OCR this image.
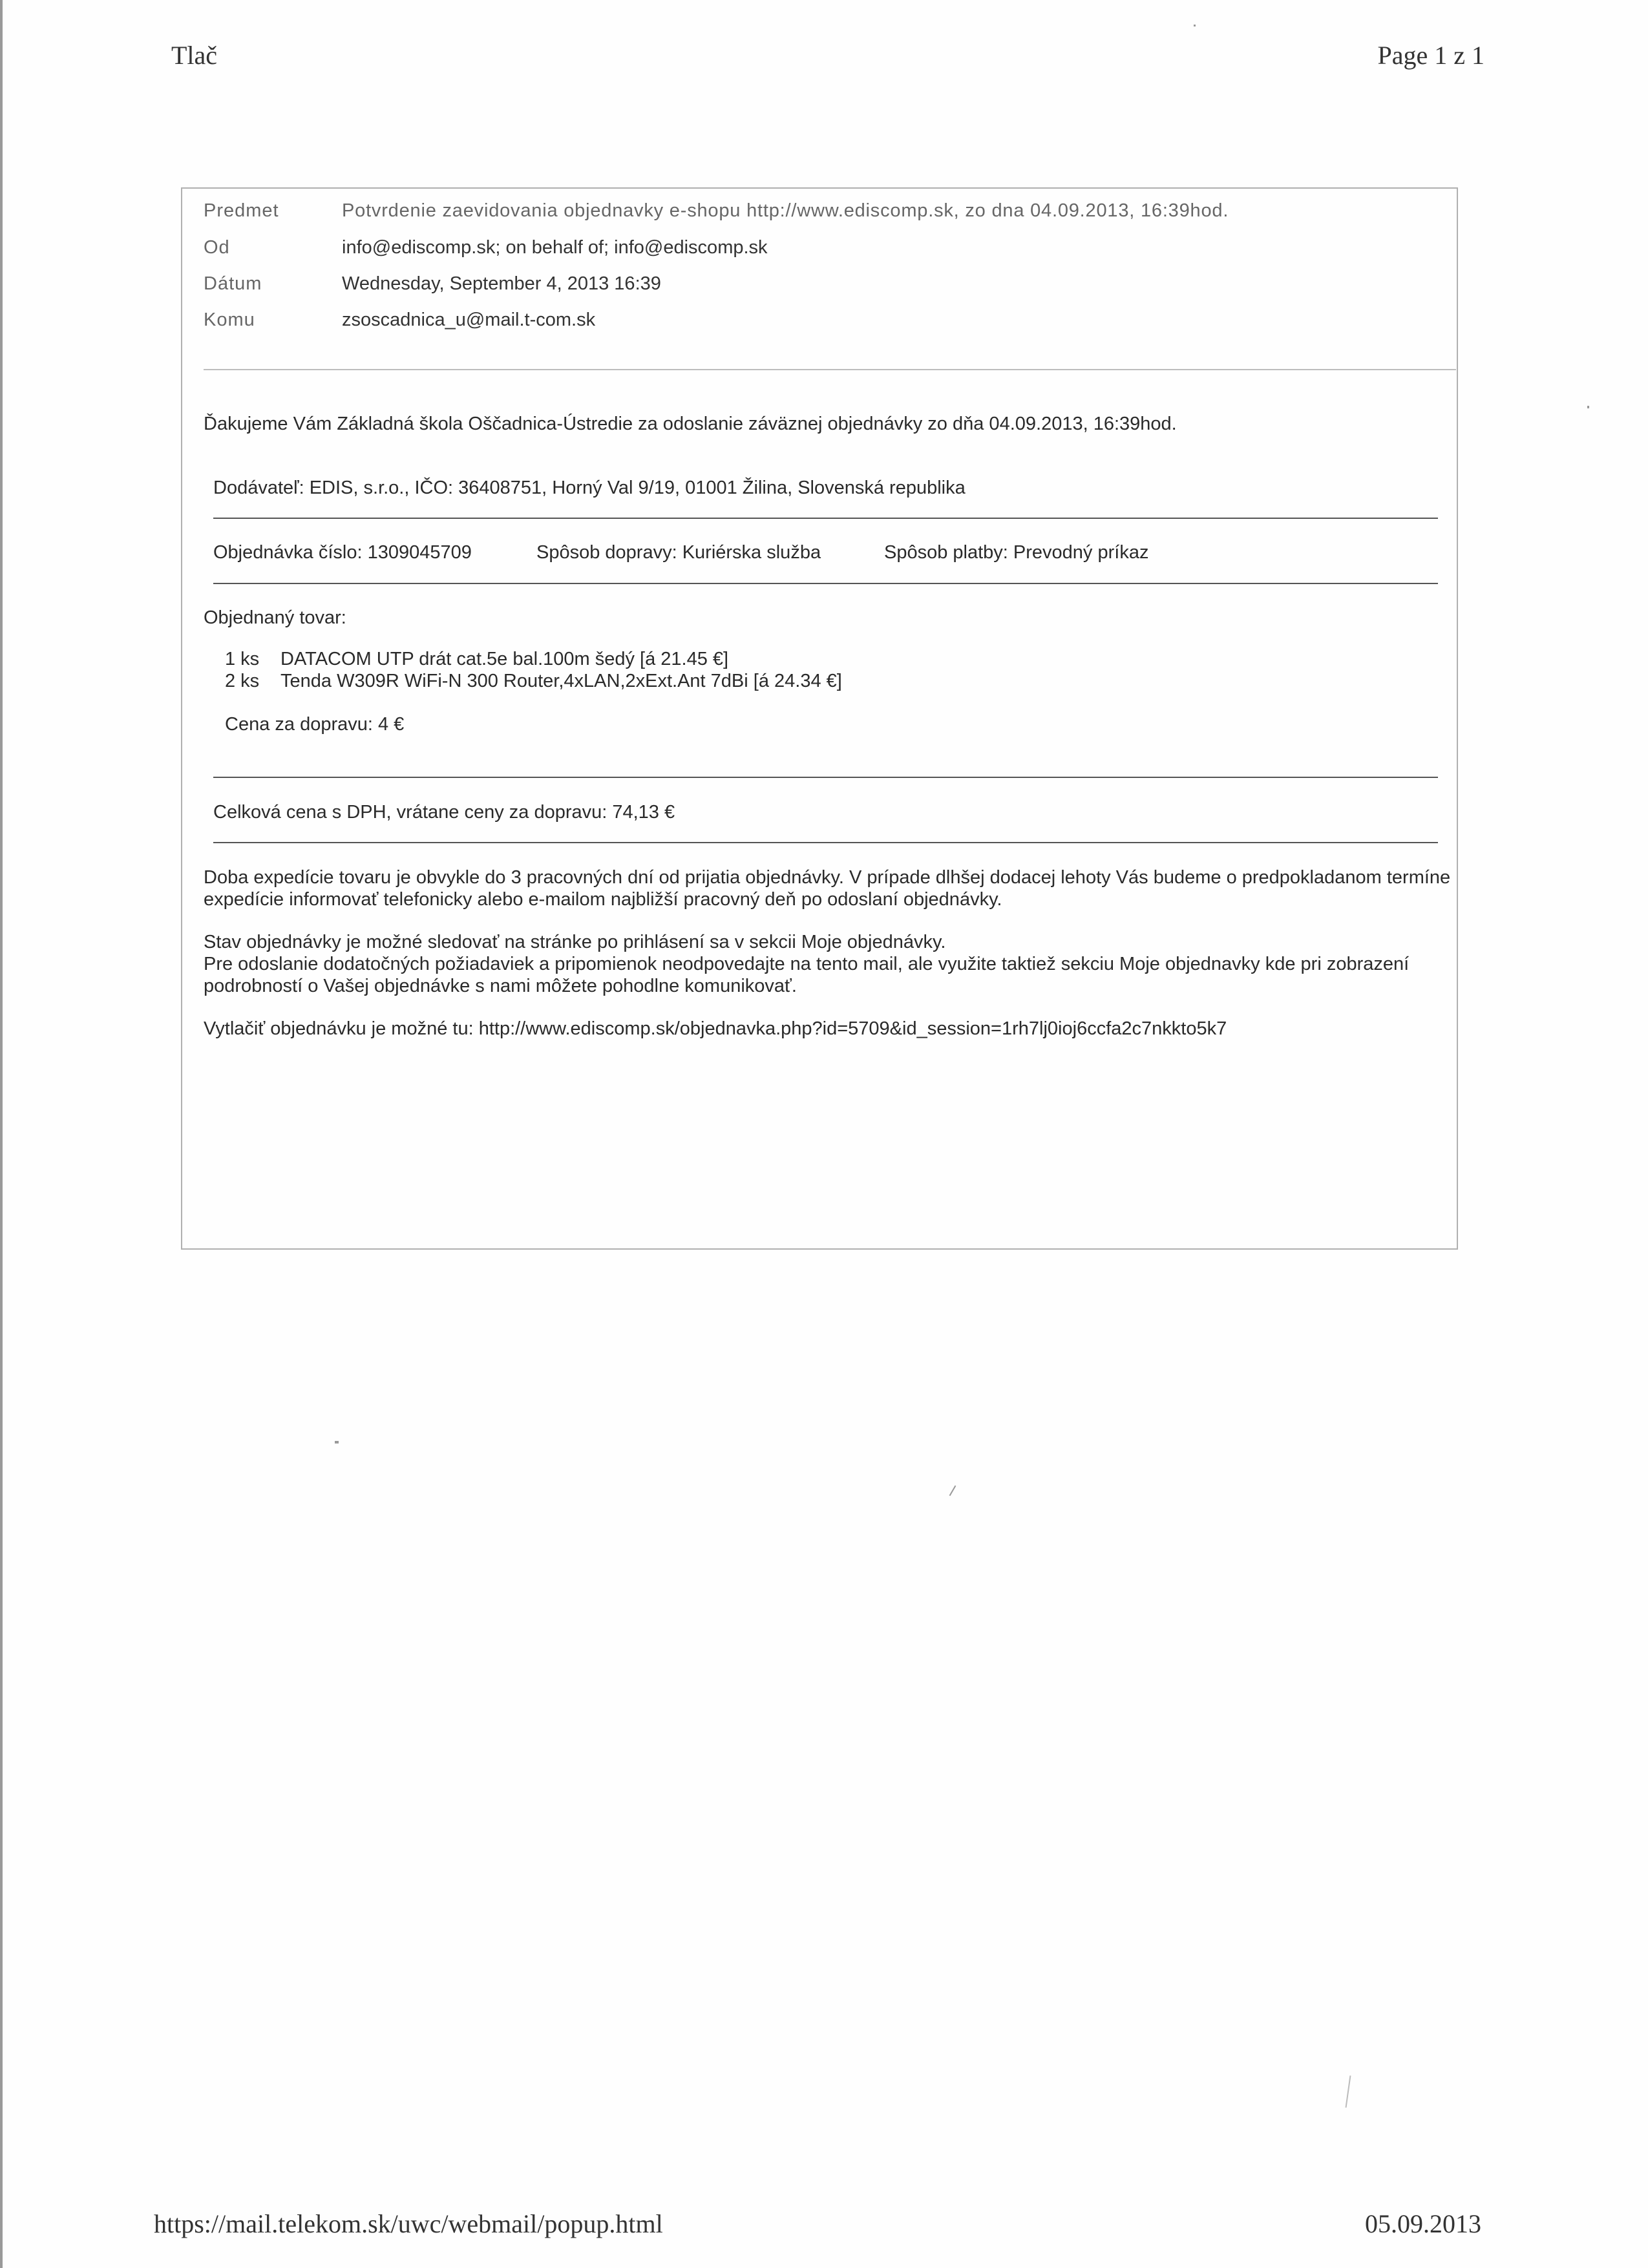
Tlač	Page 1 z 1
Predmet	Potvrdenie zaevidovania objednavky e-shopu http://www.ediscomp.sk, zo dna 04.09.2013, 16:39hod.
Od	info@ediscomp.sk; on behalf of; info@ediscomp.sk
Dátum	Wednesday, September 4, 2013 16:39
Komu	zsoscadnica_u@mail.t-com.sk
Ďakujeme Vám Základná škola Oščadnica-Ústredie za odoslanie záväznej objednávky zo dňa 04.09.2013, 16:39hod.
Dodávateľ: EDIS, s.r.o., IČO: 36408751, Horný Val 9/19, 01001 Žilina, Slovenská republika
Objednávka číslo: 1309045709	Spôsob dopravy: Kuriérska služba	Spôsob platby: Prevodný príkaz
Objednaný tovar:
1 ks DATACOM UTP drát cat.5e bal.100m šedý [á 21.45 €]
2 ks Tenda W309R WiFi-N 300 Router,4xLAN,2xExt.Ant 7dBi [á 24.34 €]
Cena za dopravu: 4 €
Celková cena s DPH, vrátane ceny za dopravu: 74,13 €
Doba expedície tovaru je obvykle do 3 pracovných dní od prijatia objednávky. V prípade dlhšej dodacej lehoty Vás budeme o predpokladanom termíne expedície informovať telefonicky alebo e-mailom najbližší pracovný deň po odoslaní objednávky.
Stav objednávky je možné sledovať na stránke po prihlásení sa v sekcii Moje objednávky.
Pre odoslanie dodatočných požiadaviek a pripomienok neodpovedajte na tento mail, ale využite taktiež sekciu Moje objednavky kde pri zobrazení podrobností o Vašej objednávke s nami môžete pohodlne komunikovať.
Vytlačiť objednávku je možné tu: http://www.ediscomp.sk/objednavka.php?id=5709&id_session=1rh7lj0ioj6ccfa2c7nkkto5k7
https://mail.telekom.sk/uwc/webmail/popup.html	05.09.2013
